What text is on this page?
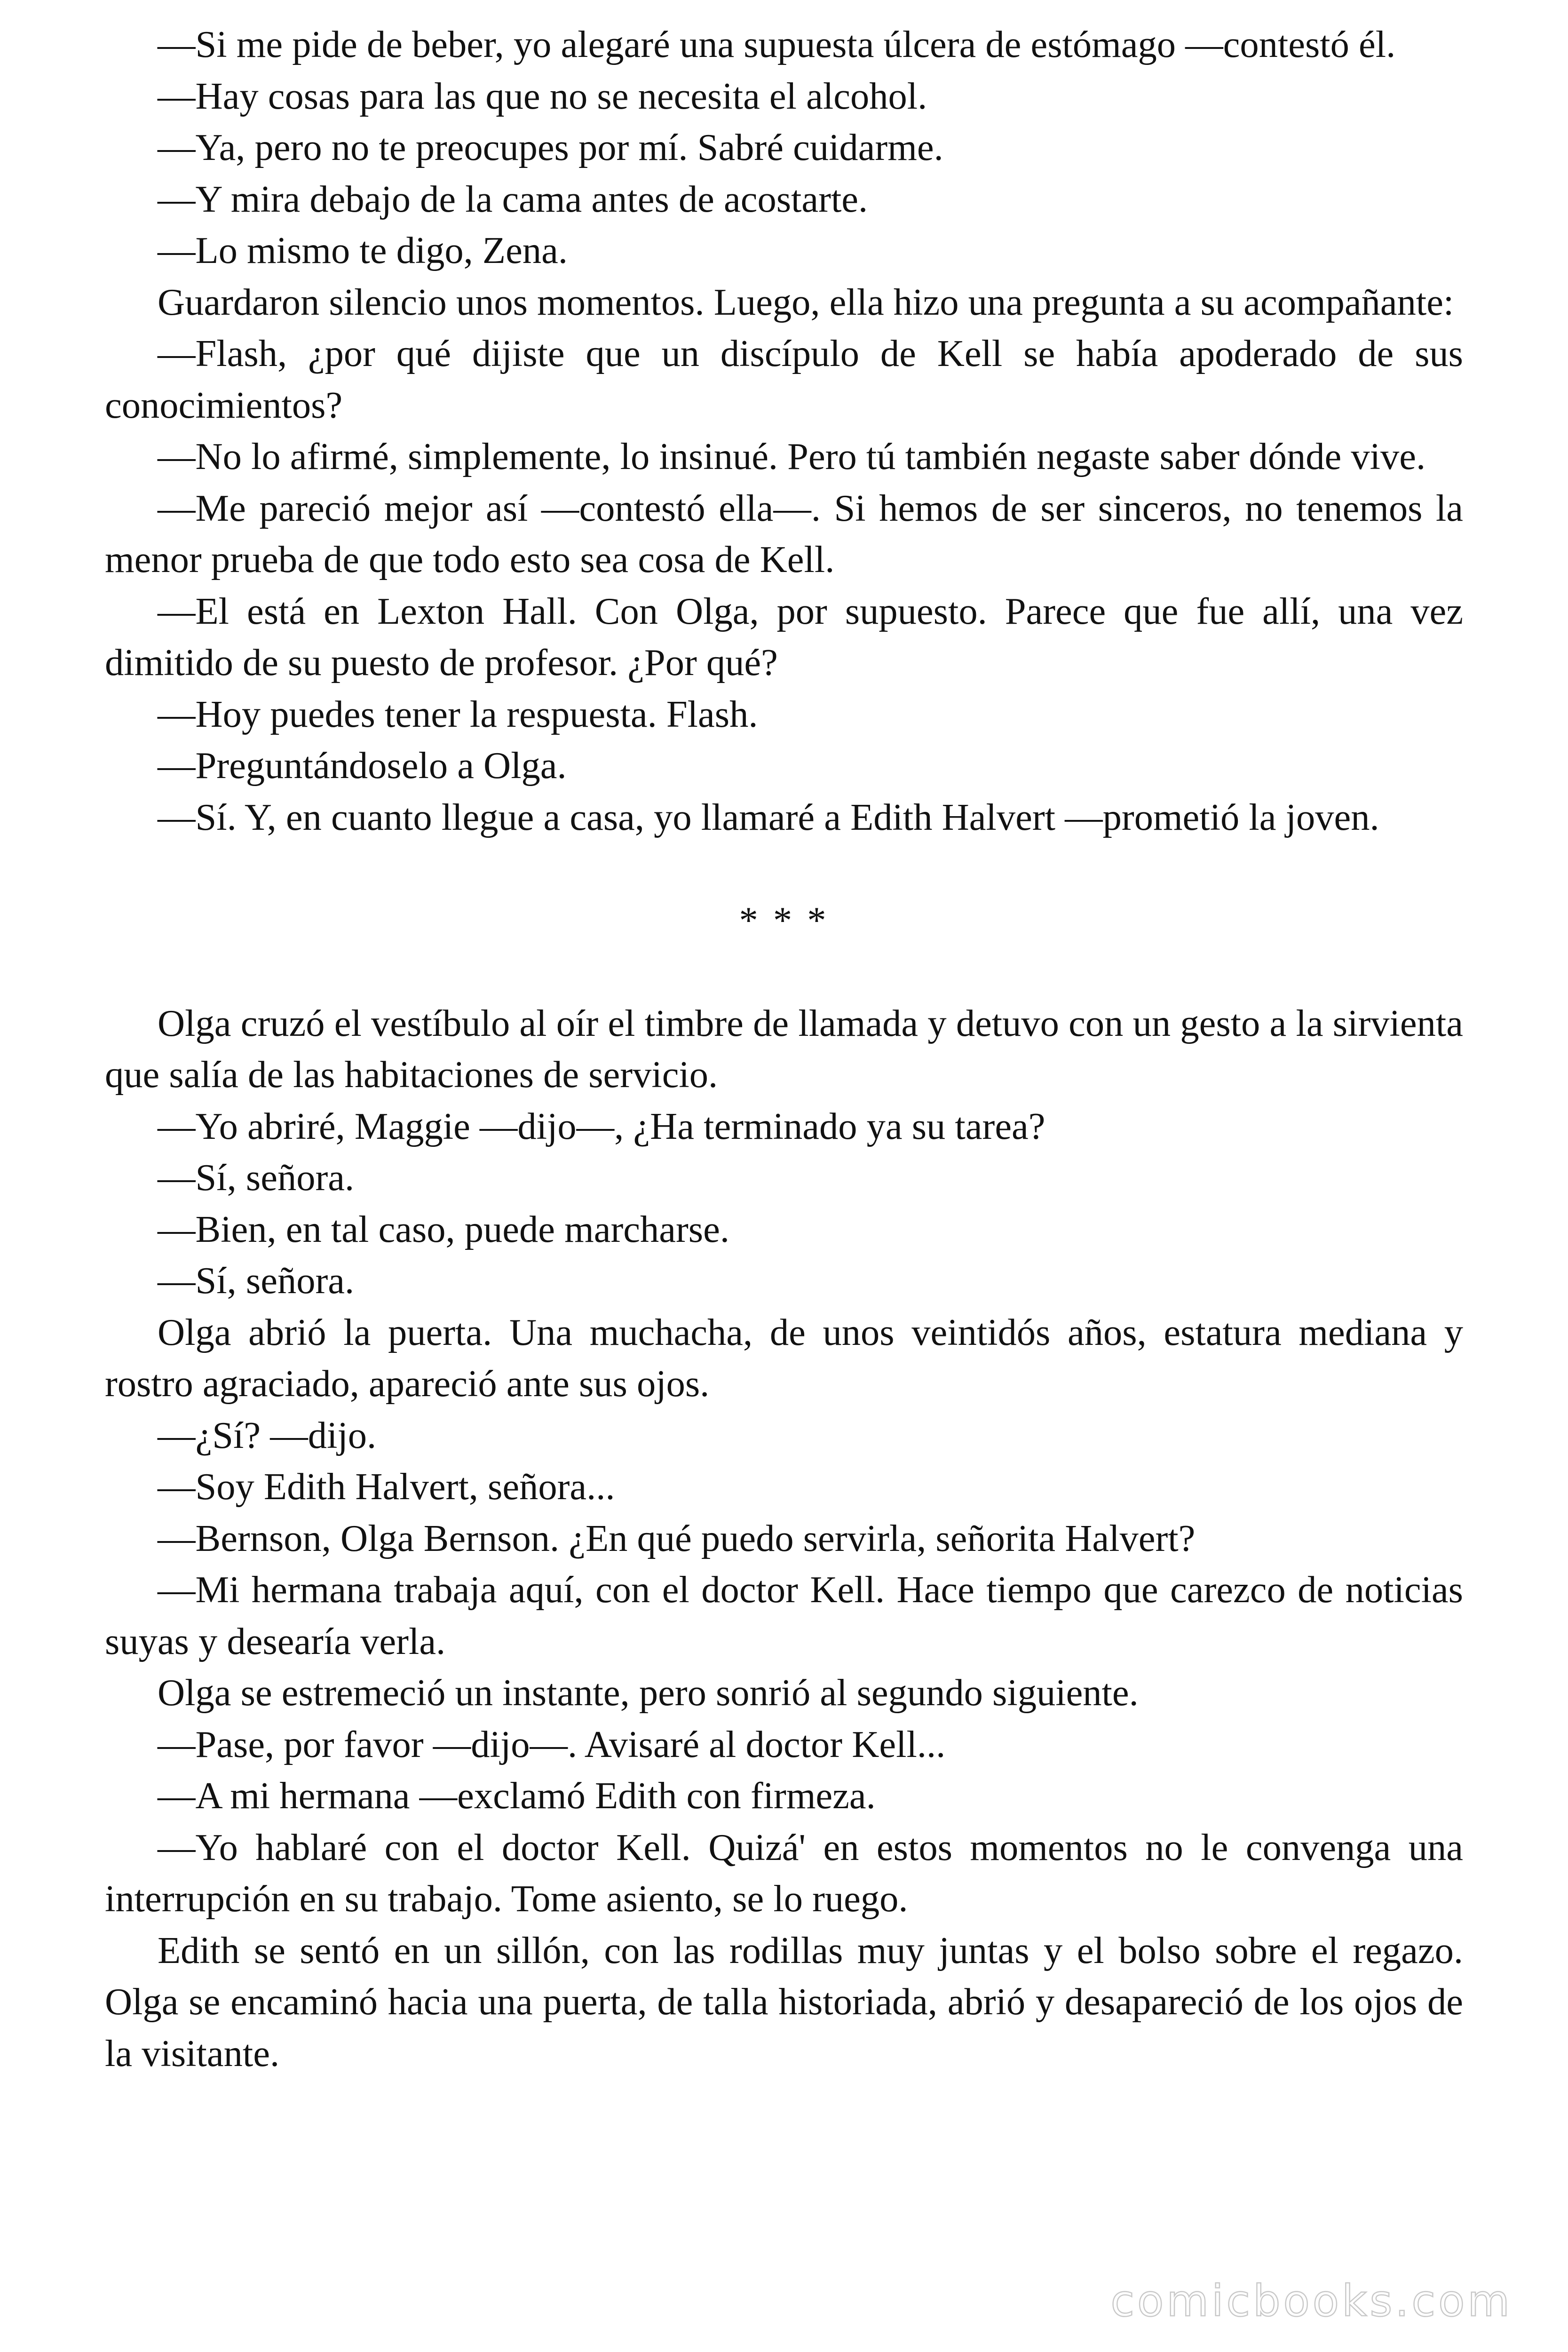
—Si me pide de beber, yo alegaré una supuesta úlcera de estómago —contestó él.

—Hay cosas para las que no se necesita el alcohol.

—Ya, pero no te preocupes por mí. Sabré cuidarme.

—Y mira debajo de la cama antes de acostarte.

—Lo mismo te digo, Zena.

Guardaron silencio unos momentos. Luego, ella hizo una pregunta a su acompañante:

—Flash, ¿por qué dijiste que un discípulo de Kell se había apoderado de sus conocimientos?

—No lo afirmé, simplemente, lo insinué. Pero tú también negaste saber dónde vive.

—Me pareció mejor así —contestó ella—. Si hemos de ser sinceros, no tenemos la menor prueba de que todo esto sea cosa de Kell.

—El está en Lexton Hall. Con Olga, por supuesto. Parece que fue allí, una vez dimitido de su puesto de profesor. ¿Por qué?

—Hoy puedes tener la respuesta. Flash.

—Preguntándoselo a Olga.

—Sí. Y, en cuanto llegue a casa, yo llamaré a Edith Halvert —prometió la joven.

* * *

Olga cruzó el vestíbulo al oír el timbre de llamada y detuvo con un gesto a la sirvienta que salía de las habitaciones de servicio.

—Yo abriré, Maggie —dijo—, ¿Ha terminado ya su tarea?

—Sí, señora.

—Bien, en tal caso, puede marcharse.

—Sí, señora.

Olga abrió la puerta. Una muchacha, de unos veintidós años, estatura mediana y rostro agraciado, apareció ante sus ojos.

—¿Sí? —dijo.

—Soy Edith Halvert, señora...

—Bernson, Olga Bernson. ¿En qué puedo servirla, señorita Halvert?

—Mi hermana trabaja aquí, con el doctor Kell. Hace tiempo que carezco de noticias suyas y desearía verla.

Olga se estremeció un instante, pero sonrió al segundo siguiente.

—Pase, por favor —dijo—. Avisaré al doctor Kell...

—A mi hermana —exclamó Edith con firmeza.

—Yo hablaré con el doctor Kell. Quizá' en estos momentos no le convenga una interrupción en su trabajo. Tome asiento, se lo ruego.

Edith se sentó en un sillón, con las rodillas muy juntas y el bolso sobre el regazo. Olga se encaminó hacia una puerta, de talla historiada, abrió y desapareció de los ojos de la visitante.

comicbooks.com
